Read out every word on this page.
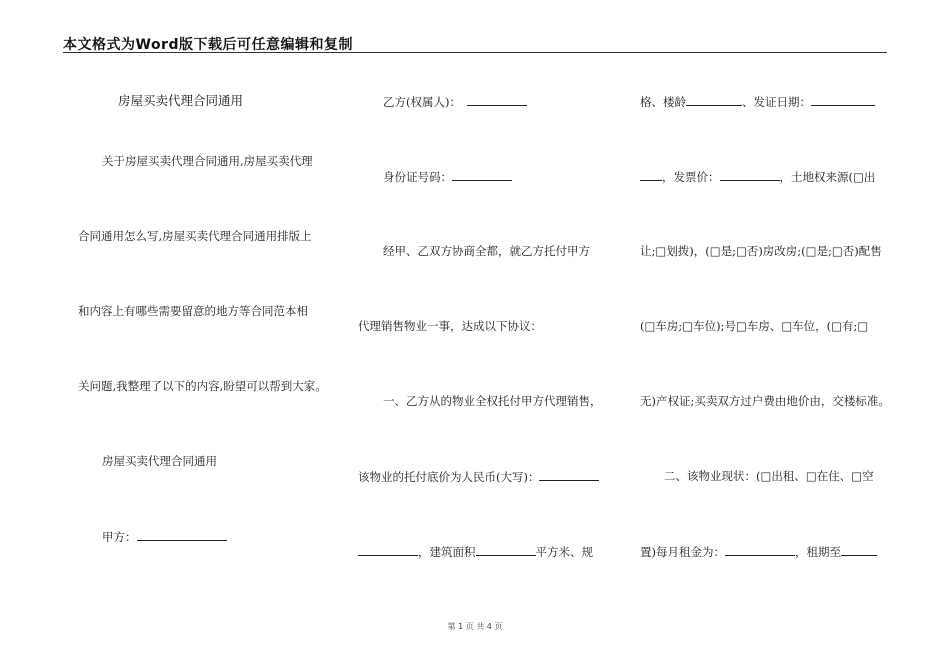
本文格式为Word版下载后可任意编辑和复制
房屋买卖代理合同通用
关于房屋买卖代理合同通用,房屋买卖代理
合同通用怎么写,房屋买卖代理合同通用排版上
和内容上有哪些需要留意的地方等合同范本相
关问题,我整理了以下的内容,盼望可以帮到大家。
房屋买卖代理合同通用
甲方：
乙方(权属人)：
身份证号码：
经甲、乙双方协商全都，就乙方托付甲方
代理销售物业一事，达成以下协议：
一、乙方从的物业全权托付甲方代理销售，
该物业的托付底价为人民币(大写)：
，建筑面积	平方米、规
格、楼龄	、发证日期：
，发票价：	，土地权来源(□出
让;□划拨)，(□是;□否)房改房;(□是;□否)配售
(□车房;□车位);号□车房、□车位，(□有;□
无)产权证;买卖双方过户费由地价由，交楼标准。
二、该物业现状：(□出租、□在住、□空
置)每月租金为：	，租期至
第 1 页 共 4 页
